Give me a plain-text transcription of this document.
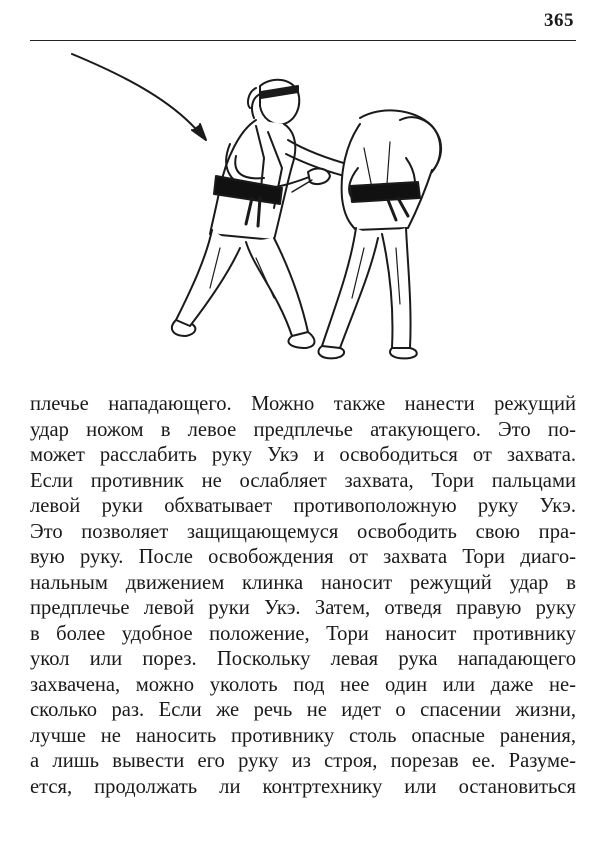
365
плечье нападающего. Можно также нанести режущий
удар ножом в левое предплечье атакующего. Это по-
может расслабить руку Укэ и освободиться от захвата.
Если противник не ослабляет захвата, Тори пальцами
левой руки обхватывает противоположную руку Укэ.
Это позволяет защищающемуся освободить свою пра-
вую руку. После освобождения от захвата Тори диаго-
нальным движением клинка наносит режущий удар в
предплечье левой руки Укэ. Затем, отведя правую руку
в более удобное положение, Тори наносит противнику
укол или порез. Поскольку левая рука нападающего
захвачена, можно уколоть под нее один или даже не-
сколько раз. Если же речь не идет о спасении жизни,
лучше не наносить противнику столь опасные ранения,
а лишь вывести его руку из строя, порезав ее. Разуме-
ется, продолжать ли контртехнику или остановиться
